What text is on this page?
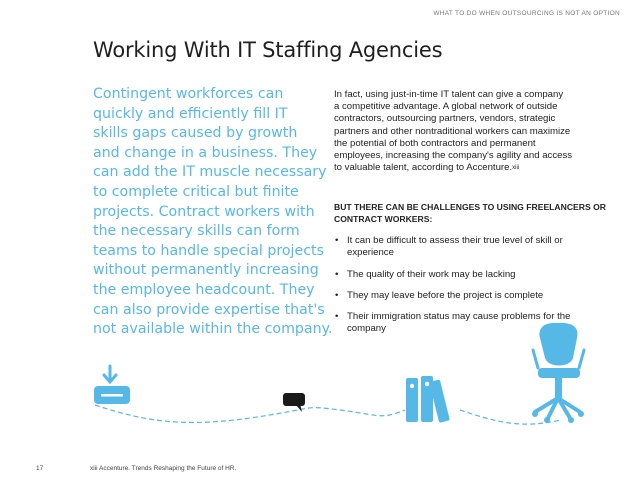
WHAT TO DO WHEN OUTSOURCING IS NOT AN OPTION
Working With IT Staffing Agencies
Contingent workforces can
quickly and efficiently fill IT
skills gaps caused by growth
and change in a business. They
can add the IT muscle necessary
to complete critical but finite
projects. Contract workers with
the necessary skills can form
teams to handle special projects
without permanently increasing
the employee headcount. They
can also provide expertise that's
not available within the company.

In fact, using just-in-time IT talent can give a company
a competitive advantage. A global network of outside
contractors, outsourcing partners, vendors, strategic
partners and other nontraditional workers can maximize
the potential of both contractors and permanent
employees, increasing the company's agility and access
to valuable talent, according to Accenture.$^{xiii}$

BUT THERE CAN BE CHALLENGES TO USING FREELANCERS OR
CONTRACT WORKERS:

• It can be difficult to assess their true level of skill or experience
• The quality of their work may be lacking
• They may leave before the project is complete
• Their immigration status may cause problems for the company
17	xiii Accenture. Trends Reshaping the Future of HR.
